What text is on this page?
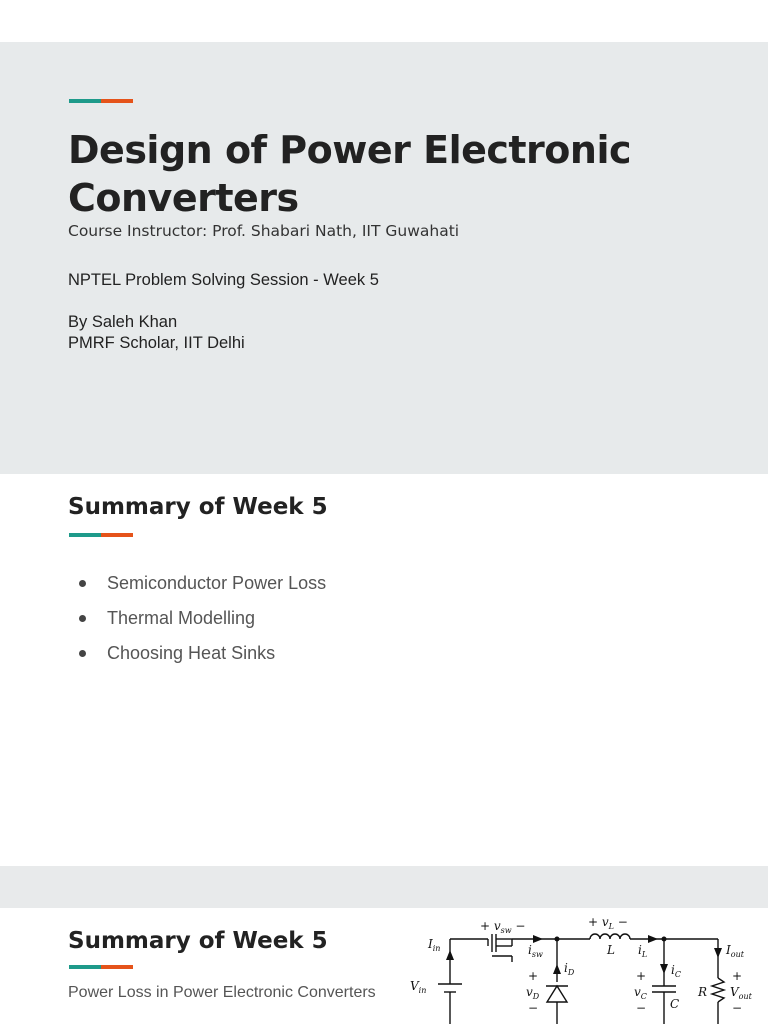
Design of Power Electronic Converters
Course Instructor: Prof. Shabari Nath, IIT Guwahati
NPTEL Problem Solving Session - Week 5
By Saleh Khan
PMRF Scholar, IIT Delhi
Summary of Week 5
Semiconductor Power Loss
Thermal Modelling
Choosing Heat Sinks
Summary of Week 5
Power Loss in Power Electronic Converters
+ $v_{sw}$ −	+ $v_L$ −
$I_{in}$
$V_{in}$
$i_{sw}$
$i_D$
+
$v_D$
−
L $i_L$
$i_C$
+
$v_C$
− C
R
$I_{out}$
+
$V_{out}$
−
